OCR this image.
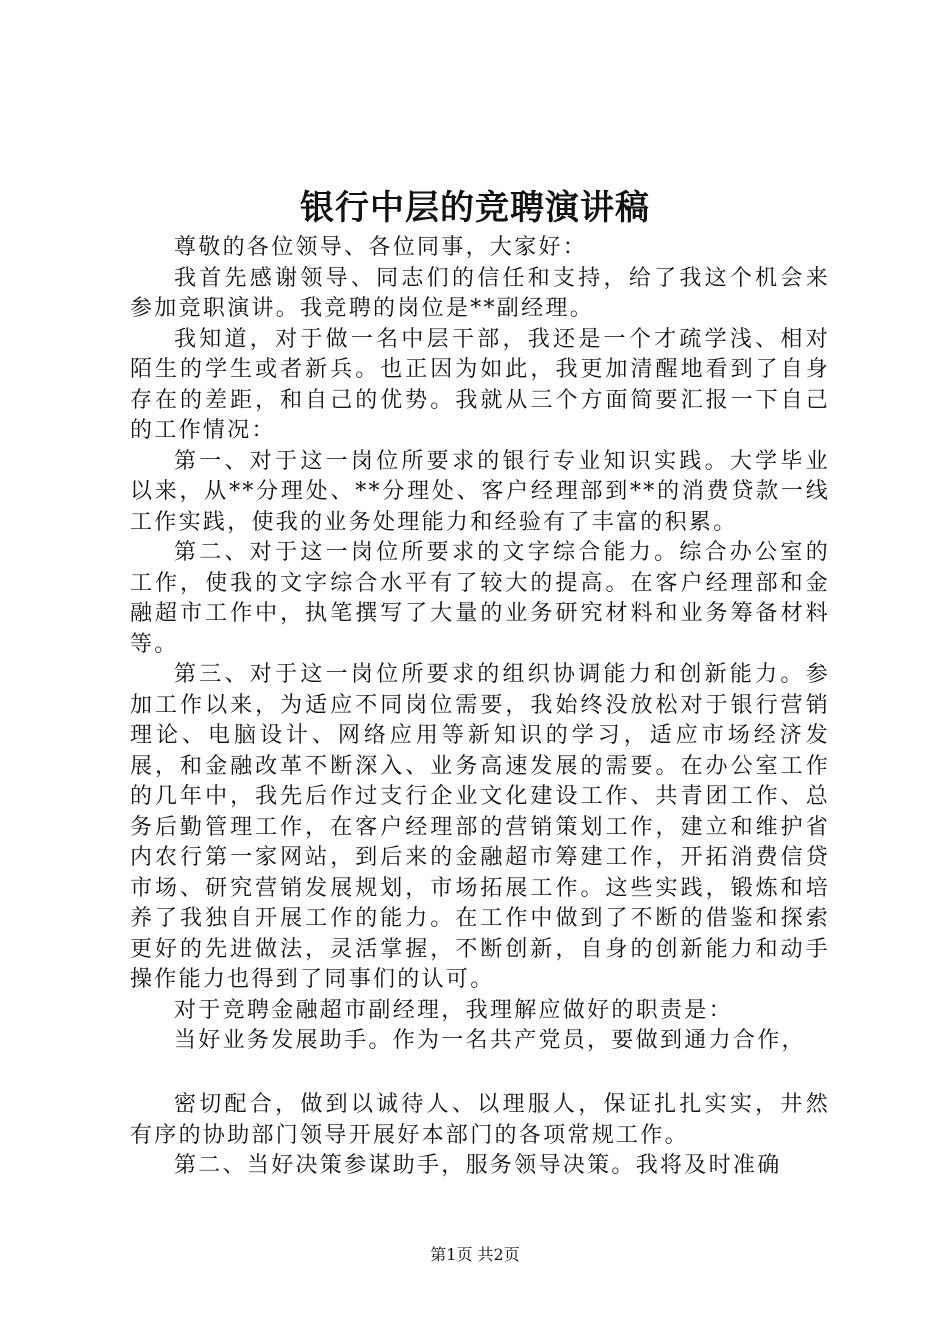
银行中层的竞聘演讲稿

尊敬的各位领导、各位同事，大家好：

我首先感谢领导、同志们的信任和支持，给了我这个机会来参加竞职演讲。我竞聘的岗位是**副经理。

我知道，对于做一名中层干部，我还是一个才疏学浅、相对陌生的学生或者新兵。也正因为如此，我更加清醒地看到了自身存在的差距，和自己的优势。我就从三个方面简要汇报一下自己的工作情况：

第一、对于这一岗位所要求的银行专业知识实践。大学毕业以来，从**分理处、**分理处、客户经理部到**的消费贷款一线工作实践，使我的业务处理能力和经验有了丰富的积累。

第二、对于这一岗位所要求的文字综合能力。综合办公室的工作，使我的文字综合水平有了较大的提高。在客户经理部和金融超市工作中，执笔撰写了大量的业务研究材料和业务筹备材料等。

第三、对于这一岗位所要求的组织协调能力和创新能力。参加工作以来，为适应不同岗位需要，我始终没放松对于银行营销理论、电脑设计、网络应用等新知识的学习，适应市场经济发展，和金融改革不断深入、业务高速发展的需要。在办公室工作的几年中，我先后作过支行企业文化建设工作、共青团工作、总务后勤管理工作，在客户经理部的营销策划工作，建立和维护省内农行第一家网站，到后来的金融超市筹建工作，开拓消费信贷市场、研究营销发展规划，市场拓展工作。这些实践，锻炼和培养了我独自开展工作的能力。在工作中做到了不断的借鉴和探索更好的先进做法，灵活掌握，不断创新，自身的创新能力和动手操作能力也得到了同事们的认可。

对于竞聘金融超市副经理，我理解应做好的职责是：

当好业务发展助手。作为一名共产党员，要做到通力合作，

密切配合，做到以诚待人、以理服人，保证扎扎实实，井然有序的协助部门领导开展好本部门的各项常规工作。

第二、当好决策参谋助手，服务领导决策。我将及时准确

第1页 共2页
